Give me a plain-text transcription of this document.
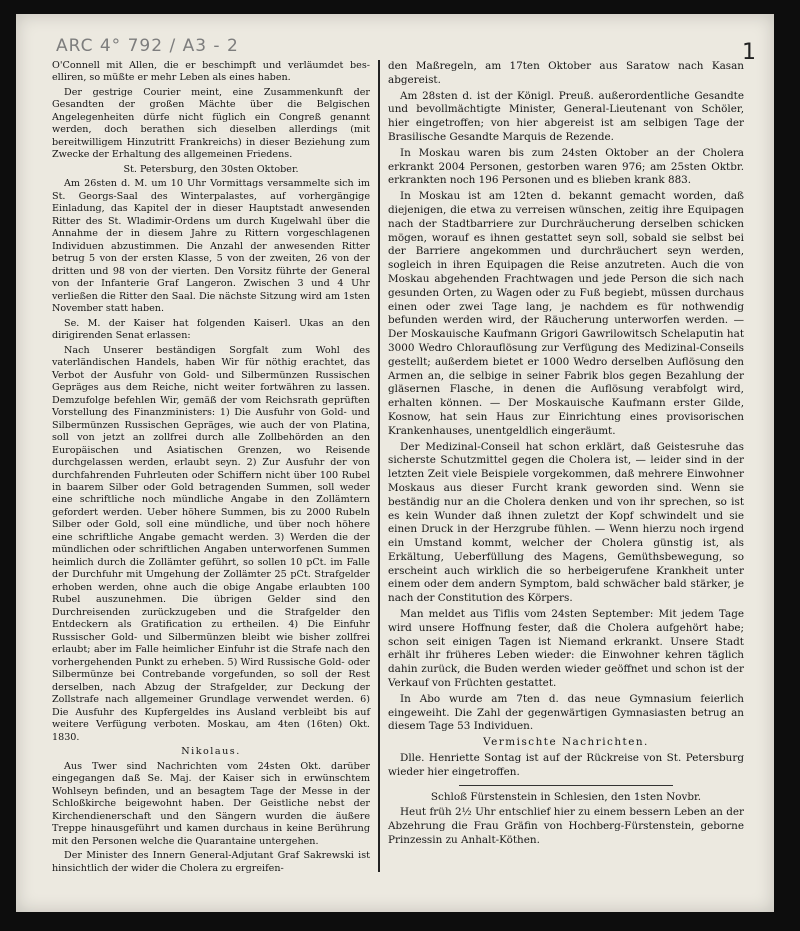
ARC 4° 792 / A3 - 2	1

O'Connell mit Allen, die er beschimpft und verläumdet beselliren, so müßte er mehr Leben als eines haben.

Der gestrige Courier meint, eine Zusammenkunft der Gesandten der großen Mächte über die Belgischen Angelegenheiten dürfe nicht füglich ein Congreß genannt werden, doch berathen sich dieselben allerdings (mit bereitwilligem Hinzutritt Frankreichs) in dieser Beziehung zum Zwecke der Erhaltung des allgemeinen Friedens.

St. Petersburg, den 30sten Oktober.

Am 26sten d. M. um 10 Uhr Vormittags versammelte sich im St. Georgs-Saal des Winterpalastes, auf vorhergängige Einladung, das Kapitel der in dieser Hauptstadt anwesenden Ritter des St. Wladimir-Ordens um durch Kugelwahl über die Annahme der in diesem Jahre zu Rittern vorgeschlagenen Individuen abzustimmen. Die Anzahl der anwesenden Ritter betrug 5 von der ersten Klasse, 5 von der zweiten, 26 von der dritten und 98 von der vierten. Den Vorsitz führte der General von der Infanterie Graf Langeron. Zwischen 3 und 4 Uhr verließen die Ritter den Saal. Die nächste Sitzung wird am 1sten November statt haben.

Se. M. der Kaiser hat folgenden Kaiserl. Ukas an den dirigirenden Senat erlassen:

Nach Unserer beständigen Sorgfalt zum Wohl des vaterländischen Handels, haben Wir für nöthig erachtet, das Verbot der Ausfuhr von Gold- und Silbermünzen Russischen Gepräges aus dem Reiche, nicht weiter fortwähren zu lassen. Demzufolge befehlen Wir, gemäß der vom Reichsrath geprüften Vorstellung des Finanzministers: 1) Die Ausfuhr von Gold- und Silbermünzen Russischen Gepräges, wie auch der von Platina, soll von jetzt an zollfrei durch alle Zollbehörden an den Europäischen und Asiatischen Grenzen, wo Reisende durchgelassen werden, erlaubt seyn. 2) Zur Ausfuhr der von durchfahrenden Fuhrleuten oder Schiffern nicht über 100 Rubel in baarem Silber oder Gold betragenden Summen, soll weder eine schriftliche noch mündliche Angabe in den Zollämtern gefordert werden. Ueber höhere Summen, bis zu 2000 Rubeln Silber oder Gold, soll eine mündliche, und über noch höhere eine schriftliche Angabe gemacht werden. 3) Werden die der mündlichen oder schriftlichen Angaben unterworfenen Summen heimlich durch die Zollämter geführt, so sollen 10 pCt. im Falle der Durchfuhr mit Umgehung der Zollämter 25 pCt. Strafgelder erhoben werden, ohne auch die obige Angabe erlaubten 100 Rubel auszunehmen. Die übrigen Gelder sind den Durchreisenden zurückzugeben und die Strafgelder den Entdeckern als Gratification zu ertheilen. 4) Die Einfuhr Russischer Gold- und Silbermünzen bleibt wie bisher zollfrei erlaubt; aber im Falle heimlicher Einfuhr ist die Strafe nach den vorhergehenden Punkt zu erheben. 5) Wird Russische Gold- oder Silbermünze bei Contrebande vorgefunden, so soll der Rest derselben, nach Abzug der Strafgelder, zur Deckung der Zollstrafe nach allgemeiner Grundlage verwendet werden. 6) Die Ausfuhr des Kupfergeldes ins Ausland verbleibt bis auf weitere Verfügung verboten. Moskau, am 4ten (16ten) Okt. 1830.

Nikolaus.

Aus Twer sind Nachrichten vom 24sten Okt. darüber eingegangen daß Se. Maj. der Kaiser sich in erwünschtem Wohlseyn befinden, und an besagtem Tage der Messe in der Schloßkirche beigewohnt haben. Der Geistliche nebst der Kirchendienerschaft und den Sängern wurden die äußere Treppe hinausgeführt und kamen durchaus in keine Berührung mit den Personen welche die Quarantaine untergehen.

Der Minister des Innern General-Adjutant Graf Sakrewski ist hinsichtlich der wider die Cholera zu ergreifen-

den Maßregeln, am 17ten Oktober aus Saratow nach Kasan abgereist.

Am 28sten d. ist der Königl. Preuß. außerordentliche Gesandte und bevollmächtigte Minister, General-Lieutenant von Schöler, hier eingetroffen; von hier abgereist ist am selbigen Tage der Brasilische Gesandte Marquis de Rezende.

In Moskau waren bis zum 24sten Oktober an der Cholera erkrankt 2004 Personen, gestorben waren 976; am 25sten Oktbr. erkrankten noch 196 Personen und es blieben krank 883.

In Moskau ist am 12ten d. bekannt gemacht worden, daß diejenigen, die etwa zu verreisen wünschen, zeitig ihre Equipagen nach der Stadtbarriere zur Durchräucherung derselben schicken mögen, worauf es ihnen gestattet seyn soll, sobald sie selbst bei der Barriere angekommen und durchräuchert seyn werden, sogleich in ihren Equipagen die Reise anzutreten. Auch die von Moskau abgehenden Frachtwagen und jede Person die sich nach gesunden Orten, zu Wagen oder zu Fuß begiebt, müssen durchaus einen oder zwei Tage lang, je nachdem es für nothwendig befunden werden wird, der Räucherung unterworfen werden. — Der Moskauische Kaufmann Grigori Gawrilowitsch Schelaputin hat 3000 Wedro Chlorauflösung zur Verfügung des Medizinal-Conseils gestellt; außerdem bietet er 1000 Wedro derselben Auflösung den Armen an, die selbige in seiner Fabrik blos gegen Bezahlung der gläsernen Flasche, in denen die Auflösung verabfolgt wird, erhalten können. — Der Moskauische Kaufmann erster Gilde, Kosnow, hat sein Haus zur Einrichtung eines provisorischen Krankenhauses, unentgeldlich eingeräumt.

Der Medizinal-Conseil hat schon erklärt, daß Geistesruhe das sicherste Schutzmittel gegen die Cholera ist, — leider sind in der letzten Zeit viele Beispiele vorgekommen, daß mehrere Einwohner Moskaus aus dieser Furcht krank geworden sind. Wenn sie beständig nur an die Cholera denken und von ihr sprechen, so ist es kein Wunder daß ihnen zuletzt der Kopf schwindelt und sie einen Druck in der Herzgrube fühlen. — Wenn hierzu noch irgend ein Umstand kommt, welcher der Cholera günstig ist, als Erkältung, Ueberfüllung des Magens, Gemüthsbewegung, so erscheint auch wirklich die so herbeigerufene Krankheit unter einem oder dem andern Symptom, bald schwächer bald stärker, je nach der Constitution des Körpers.

Man meldet aus Tiflis vom 24sten September: Mit jedem Tage wird unsere Hoffnung fester, daß die Cholera aufgehört habe; schon seit einigen Tagen ist Niemand erkrankt. Unsere Stadt erhält ihr früheres Leben wieder: die Einwohner kehren täglich dahin zurück, die Buden werden wieder geöffnet und schon ist der Verkauf von Früchten gestattet.

In Abo wurde am 7ten d. das neue Gymnasium feierlich eingeweiht. Die Zahl der gegenwärtigen Gymnasiasten betrug an diesem Tage 53 Individuen.

Vermischte Nachrichten.

Dlle. Henriette Sontag ist auf der Rückreise von St. Petersburg wieder hier eingetroffen.

Schloß Fürstenstein in Schlesien, den 1sten Novbr.

Heut früh 2½ Uhr entschlief hier zu einem bessern Leben an der Abzehrung die Frau Gräfin von Hochberg-Fürstenstein, geborne Prinzessin zu Anhalt-Köthen.
